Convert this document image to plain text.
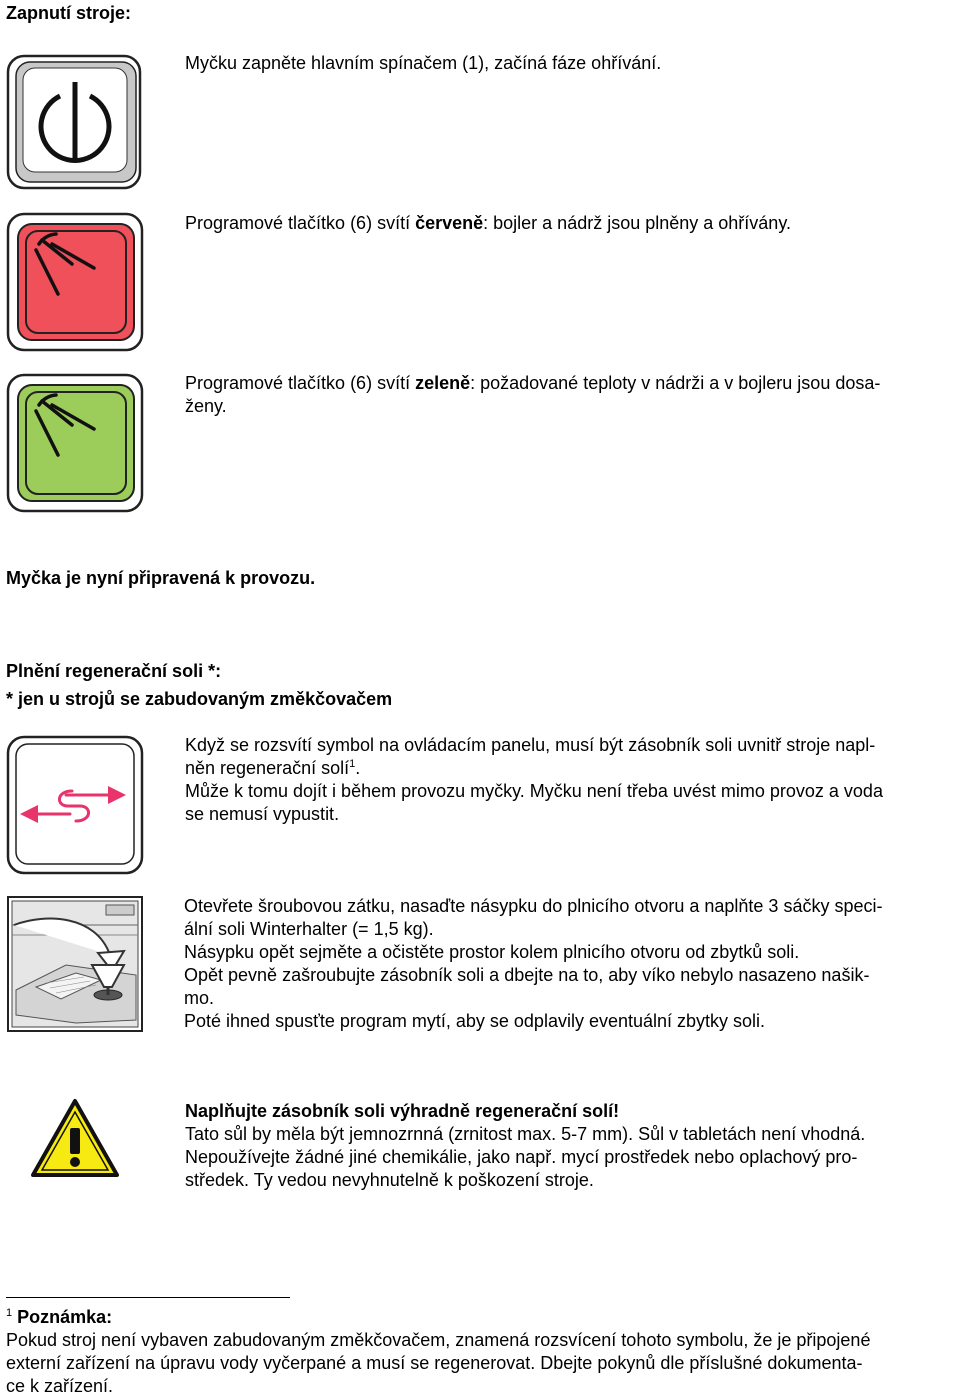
Zapnutí stroje:
Myčku zapněte hlavním spínačem (1), začíná fáze ohřívání.
Programové tlačítko (6) svítí červeně: bojler a nádrž jsou plněny a ohřívány.
Programové tlačítko (6) svítí zeleně: požadované teploty v nádrži a v bojleru jsou dosa-
ženy.
Myčka je nyní připravená k provozu.
Plnění regenerační soli *:
* jen u strojů se zabudovaným změkčovačem
Když se rozsvítí symbol na ovládacím panelu, musí být zásobník soli uvnitř stroje napl-
něn regenerační solí$^1$.
Může k tomu dojít i během provozu myčky. Myčku není třeba uvést mimo provoz a voda
se nemusí vypustit.
Otevřete šroubovou zátku, nasaďte násypku do plnicího otvoru a naplňte 3 sáčky speci-
ální soli Winterhalter (= 1,5 kg).
Násypku opět sejměte a očistěte prostor kolem plnicího otvoru od zbytků soli.
Opět pevně zašroubujte zásobník soli a dbejte na to, aby víko nebylo nasazeno našik-
mo.
Poté ihned spusťte program mytí, aby se odplavily eventuální zbytky soli.
Naplňujte zásobník soli výhradně regenerační solí!
Tato sůl by měla být jemnozrnná (zrnitost max. 5-7 mm). Sůl v tabletách není vhodná.
Nepoužívejte žádné jiné chemikálie, jako např. mycí prostředek nebo oplachový pro-
středek. Ty vedou nevyhnutelně k poškození stroje.
$^1$ Poznámka:
Pokud stroj není vybaven zabudovaným změkčovačem, znamená rozsvícení tohoto symbolu, že je připojené
externí zařízení na úpravu vody vyčerpané a musí se regenerovat. Dbejte pokynů dle příslušné dokumenta-
ce k zařízení.
